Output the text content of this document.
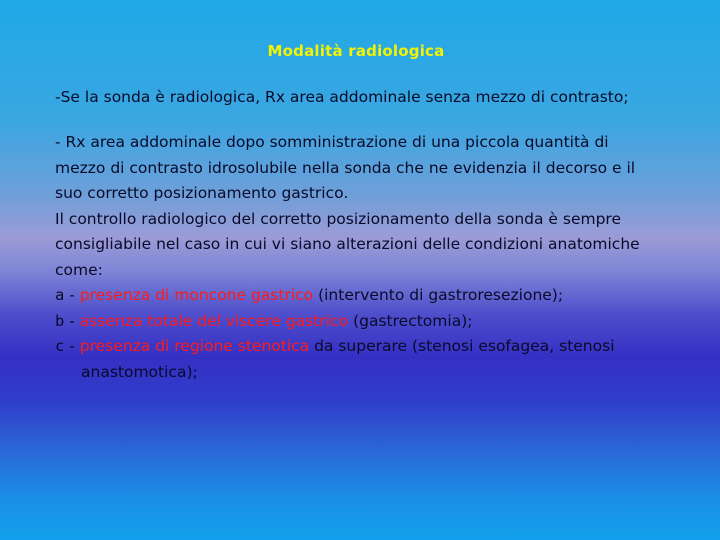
Modalità radiologica
-Se la sonda è radiologica, Rx area addominale senza mezzo di contrasto;
- Rx area addominale dopo somministrazione di una piccola quantità di
mezzo di contrasto idrosolubile nella sonda che ne evidenzia il decorso e il
suo corretto posizionamento gastrico.
Il controllo radiologico del corretto posizionamento della sonda è sempre
consigliabile nel caso in cui vi siano alterazioni delle condizioni anatomiche
come:
a - presenza di moncone gastrico (intervento di gastroresezione);
b - assenza totale del viscere gastrico (gastrectomia);
c - presenza di regione stenotica da superare (stenosi esofagea, stenosi
anastomotica);
